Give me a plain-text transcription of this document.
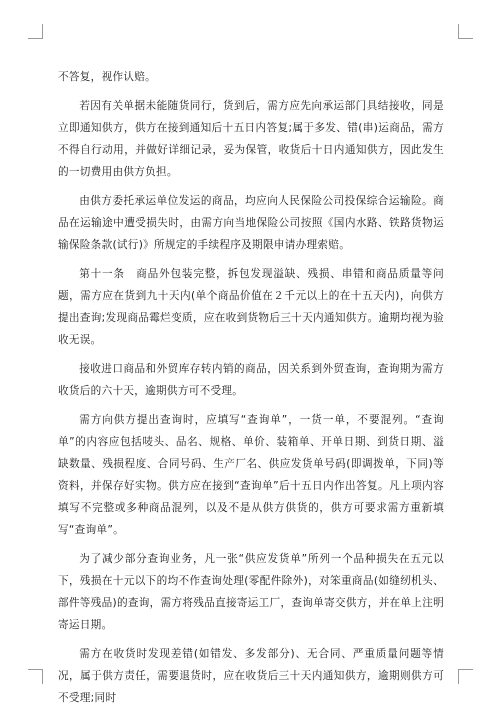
不答复，视作认赔。

若因有关单据未能随货同行，货到后，需方应先向承运部门具结接收，同是立即通知供方，供方在接到通知后十五日内答复;属于多发、错(串)运商品，需方不得自行动用，并做好详细记录，妥为保管，收货后十日内通知供方，因此发生的一切费用由供方负担。

由供方委托承运单位发运的商品，均应向人民保险公司投保综合运输险。商品在运输途中遭受损失时，由需方向当地保险公司按照《国内水路、铁路货物运输保险条款(试行)》所规定的手续程序及期限申请办理索赔。

第十一条　商品外包装完整，拆包发现溢缺、残损、串错和商品质量等问题，需方应在货到九十天内(单个商品价值在２千元以上的在十五天内)，向供方提出查询;发现商品霉烂变质，应在收到货物后三十天内通知供方。逾期均视为验收无误。

接收进口商品和外贸库存转内销的商品，因关系到外贸查询，查询期为需方收货后的六十天，逾期供方可不受理。

需方向供方提出查询时，应填写“查询单”，一货一单，不要混列。“查询单”的内容应包括唛头、品名、规格、单价、装箱单、开单日期、到货日期、溢缺数量、残损程度、合同号码、生产厂名、供应发货单号码(即调拨单，下同)等资料，并保存好实物。供方应在接到“查询单”后十五日内作出答复。凡上项内容填写不完整或多种商品混列，以及不是从供方供货的，供方可要求需方重新填写“查询单”。

为了减少部分查询业务，凡一张“供应发货单”所列一个品种损失在五元以下，残损在十元以下的均不作查询处理(零配件除外)，对笨重商品(如缝纫机头、部件等残品)的查询，需方将残品直接寄运工厂，查询单寄交供方，并在单上注明寄运日期。

需方在收货时发现差错(如错发、多发部分)、无合同、严重质量问题等情况，属于供方责任，需要退货时，应在收货后三十天内通知供方，逾期则供方可不受理;同时
